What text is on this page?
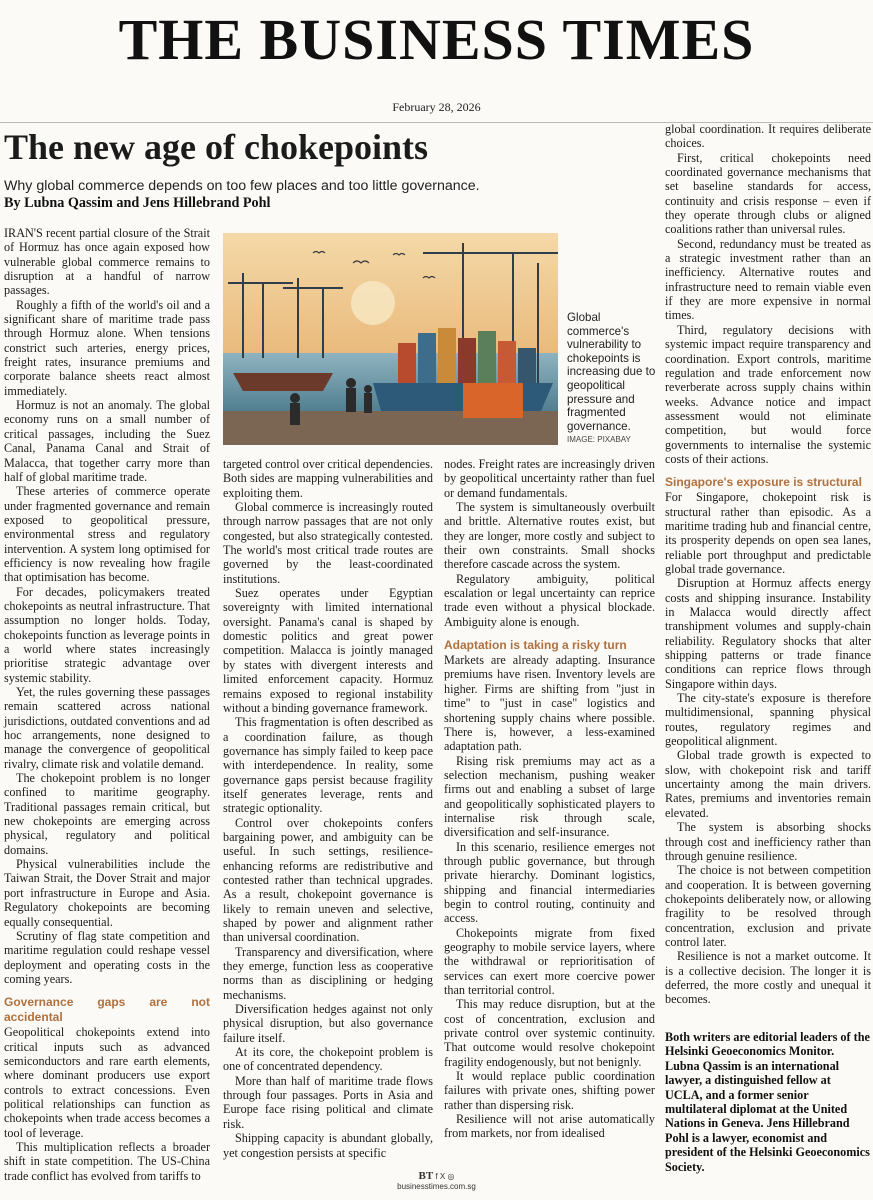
THE BUSINESS TIMES
February 28, 2026
The new age of chokepoints
Why global commerce depends on too few places and too little governance.
By Lubna Qassim and Jens Hillebrand Pohl

IRAN'S recent partial closure of the Strait of Hormuz has once again exposed how vulnerable global commerce remains to disruption at a handful of narrow passages.

Roughly a fifth of the world's oil and a significant share of maritime trade pass through Hormuz alone. When tensions constrict such arteries, energy prices, freight rates, insurance premiums and corporate balance sheets react almost immediately.

Hormuz is not an anomaly. The global economy runs on a small number of critical passages, including the Suez Canal, Panama Canal and Strait of Malacca, that together carry more than half of global maritime trade.

These arteries of commerce operate under fragmented governance and remain exposed to geopolitical pressure, environmental stress and regulatory intervention. A system long optimised for efficiency is now revealing how fragile that optimisation has become.

For decades, policymakers treated chokepoints as neutral infrastructure. That assumption no longer holds. Today, chokepoints function as leverage points in a world where states increasingly prioritise strategic advantage over systemic stability.

Yet, the rules governing these passages remain scattered across national jurisdictions, outdated conventions and ad hoc arrangements, none designed to manage the convergence of geopolitical rivalry, climate risk and volatile demand.

The chokepoint problem is no longer confined to maritime geography. Traditional passages remain critical, but new chokepoints are emerging across physical, regulatory and political domains.

Physical vulnerabilities include the Taiwan Strait, the Dover Strait and major port infrastructure in Europe and Asia. Regulatory chokepoints are becoming equally consequential.

Scrutiny of flag state competition and maritime regulation could reshape vessel deployment and operating costs in the coming years.

Governance gaps are not accidental

Geopolitical chokepoints extend into critical inputs such as advanced semiconductors and rare earth elements, where dominant producers use export controls to extract concessions. Even political relationships can function as chokepoints when trade access becomes a tool of leverage.

This multiplication reflects a broader shift in state competition. The US-China trade conflict has evolved from tariffs to

Global commerce's vulnerability to chokepoints is increasing due to geopolitical pressure and fragmented governance.
IMAGE: PIXABAY

targeted control over critical dependencies. Both sides are mapping vulnerabilities and exploiting them.

Global commerce is increasingly routed through narrow passages that are not only congested, but also strategically contested. The world's most critical trade routes are governed by the least-coordinated institutions.

Suez operates under Egyptian sovereignty with limited international oversight. Panama's canal is shaped by domestic politics and great power competition. Malacca is jointly managed by states with divergent interests and limited enforcement capacity. Hormuz remains exposed to regional instability without a binding governance framework.

This fragmentation is often described as a coordination failure, as though governance has simply failed to keep pace with interdependence. In reality, some governance gaps persist because fragility itself generates leverage, rents and strategic optionality.

Control over chokepoints confers bargaining power, and ambiguity can be useful. In such settings, resilience-enhancing reforms are redistributive and contested rather than technical upgrades. As a result, chokepoint governance is likely to remain uneven and selective, shaped by power and alignment rather than universal coordination.

Transparency and diversification, where they emerge, function less as cooperative norms than as disciplining or hedging mechanisms.

Diversification hedges against not only physical disruption, but also governance failure itself.

At its core, the chokepoint problem is one of concentrated dependency.

More than half of maritime trade flows through four passages. Ports in Asia and Europe face rising political and climate risk.

Shipping capacity is abundant globally, yet congestion persists at specific

nodes. Freight rates are increasingly driven by geopolitical uncertainty rather than fuel or demand fundamentals.

The system is simultaneously overbuilt and brittle. Alternative routes exist, but they are longer, more costly and subject to their own constraints. Small shocks therefore cascade across the system.

Regulatory ambiguity, political escalation or legal uncertainty can reprice trade even without a physical blockade. Ambiguity alone is enough.

Adaptation is taking a risky turn

Markets are already adapting. Insurance premiums have risen. Inventory levels are higher. Firms are shifting from "just in time" to "just in case" logistics and shortening supply chains where possible. There is, however, a less-examined adaptation path.

Rising risk premiums may act as a selection mechanism, pushing weaker firms out and enabling a subset of large and geopolitically sophisticated players to internalise risk through scale, diversification and self-insurance.

In this scenario, resilience emerges not through public governance, but through private hierarchy. Dominant logistics, shipping and financial intermediaries begin to control routing, continuity and access.

Chokepoints migrate from fixed geography to mobile service layers, where the withdrawal or reprioritisation of services can exert more coercive power than territorial control.

This may reduce disruption, but at the cost of concentration, exclusion and private control over systemic continuity. That outcome would resolve chokepoint fragility endogenously, but not benignly.

It would replace public coordination failures with private ones, shifting power rather than dispersing risk.

Resilience will not arise automatically from markets, nor from idealised

global coordination. It requires deliberate choices.

First, critical chokepoints need coordinated governance mechanisms that set baseline standards for access, continuity and crisis response – even if they operate through clubs or aligned coalitions rather than universal rules.

Second, redundancy must be treated as a strategic investment rather than an inefficiency. Alternative routes and infrastructure need to remain viable even if they are more expensive in normal times.

Third, regulatory decisions with systemic impact require transparency and coordination. Export controls, maritime regulation and trade enforcement now reverberate across supply chains within weeks. Advance notice and impact assessment would not eliminate competition, but would force governments to internalise the systemic costs of their actions.

Singapore's exposure is structural

For Singapore, chokepoint risk is structural rather than episodic. As a maritime trading hub and financial centre, its prosperity depends on open sea lanes, reliable port throughput and predictable global trade governance.

Disruption at Hormuz affects energy costs and shipping insurance. Instability in Malacca would directly affect transhipment volumes and supply-chain reliability. Regulatory shocks that alter shipping patterns or trade finance conditions can reprice flows through Singapore within days.

The city-state's exposure is therefore multidimensional, spanning physical routes, regulatory regimes and geopolitical alignment.

Global trade growth is expected to slow, with chokepoint risk and tariff uncertainty among the main drivers. Rates, premiums and inventories remain elevated.

The system is absorbing shocks through cost and inefficiency rather than through genuine resilience.

The choice is not between competition and cooperation. It is between governing chokepoints deliberately now, or allowing fragility to be resolved through concentration, exclusion and private control later.

Resilience is not a market outcome. It is a collective decision. The longer it is deferred, the more costly and unequal it becomes.

Both writers are editorial leaders of the Helsinki Geoeconomics Monitor. Lubna Qassim is an international lawyer, a distinguished fellow at UCLA, and a former senior multilateral diplomat at the United Nations in Geneva. Jens Hillebrand Pohl is a lawyer, economist and president of the Helsinki Geoeconomics Society.
BT f X ◎
businesstimes.com.sg
